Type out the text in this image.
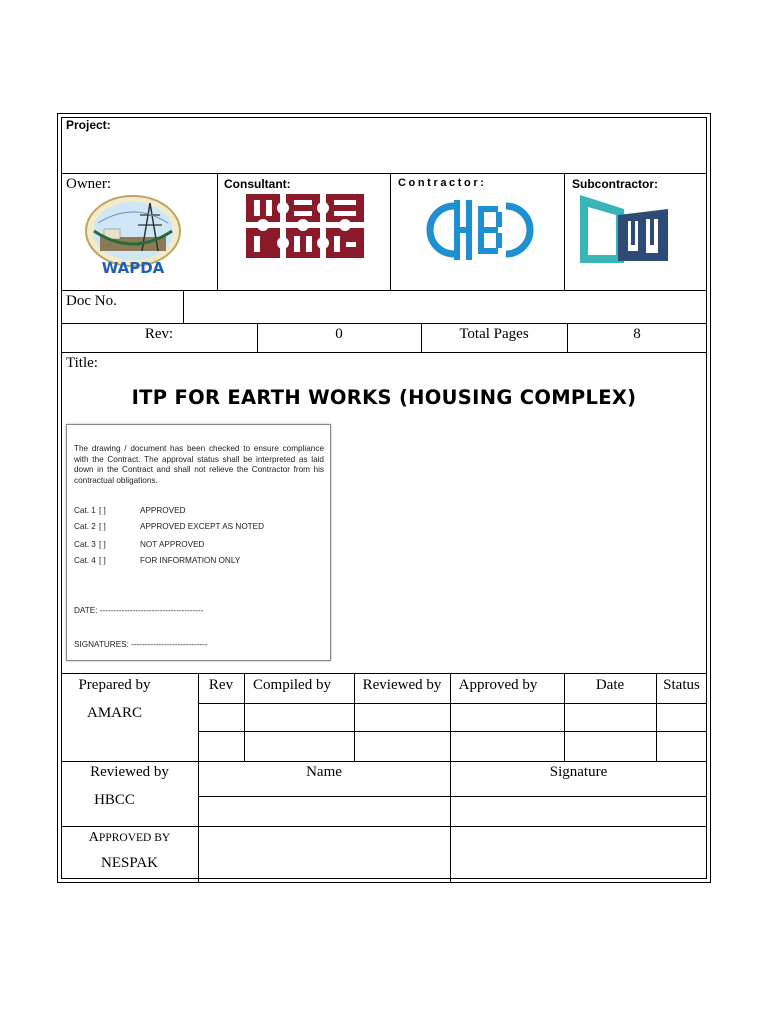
Project:
Owner:
WAPDA
Consultant:	Contractor:	Subcontractor:
Doc No.
Rev:	0	Total Pages	8
Title:
ITP FOR EARTH WORKS (HOUSING COMPLEX)
The drawing / document has been checked to ensure compliance with the Contract. The approval status shall be interpreted as laid down in the Contract and shall not relieve the Contractor from his contractual obligations.
Cat. 1 [ ]	APPROVED
Cat. 2 [ ]	APPROVED EXCEPT AS NOTED
Cat. 3 [ ]	NOT APPROVED
Cat. 4 [ ]	FOR INFORMATION ONLY
DATE: --------------------------------------
SIGNATURES: ----------------------------
Prepared by	Rev	Compiled by	Reviewed by	Approved by	Date	Status
AMARC
Reviewed by	Name	Signature
HBCC
APPROVED BY
NESPAK
